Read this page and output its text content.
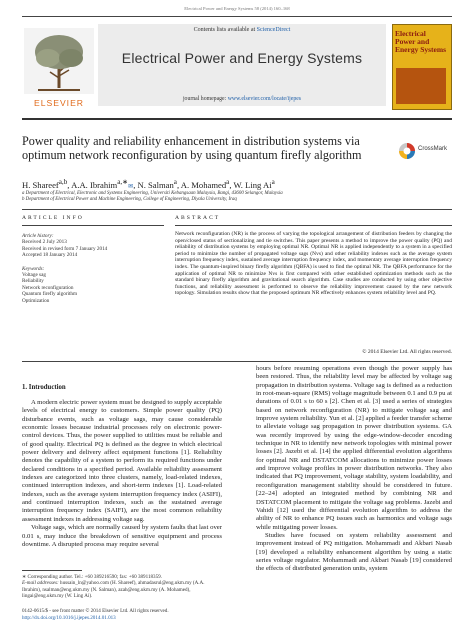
Electrical Power and Energy Systems 58 (2014) 160–168
Contents lists available at ScienceDirect
Electrical Power and Energy Systems
journal homepage: www.elsevier.com/locate/ijepes
ELSEVIER
Electrical Power and Energy Systems
Power quality and reliability enhancement in distribution systems via optimum network reconfiguration by using quantum firefly algorithm	CrossMark
H. Shareef$^{a,b}$, A.A. Ibrahim$^{a,∗}$✉, N. Salman$^a$, A. Mohamed$^a$, W. Ling Ai$^a$
a Department of Electrical, Electronic and Systems Engineering, Universiti Kebangsaan Malaysia, Bangi, 43600 Selangor, Malaysia
b Department of Electrical Power and Machine Engineering, College of Engineering, Diyala University, Iraq
ARTICLE INFO	ABSTRACT
Article history:
Received 2 July 2013
Received in revised form 7 January 2014
Accepted 18 January 2014
Keywords:
Voltage sag
Reliability
Network reconfiguration
Quantum firefly algorithm
Optimization
Network reconfiguration (NR) is the process of varying the topological arrangement of distribution feeders by changing the open/closed status of sectionalizing and tie switches. This paper presents a method to improve the power quality (PQ) and reliability of distribution systems by employing optimal NR. Optimal NR is applied independently to a system in a specified period to minimize the number of propagated voltage sags (Nvs) and other reliability indexes such as the average system interruption frequency index, sustained average interruption frequency index, and momentary average interruption frequency index. The quantum-inspired binary firefly algorithm (QBFA) is used to find the optimal NR. The QBFA performance for the application of optimal NR to minimize Nvs is first compared with other established optimization methods such as the standard binary firefly algorithm and gravitational search algorithm. Case studies are conducted by using other objective functions, and reliability assessment is performed to observe the reliability improvement caused by the new network topology. Simulation results show that the proposed optimum NR effectively enhances system reliability level and PQ.
© 2014 Elsevier Ltd. All rights reserved.
1. Introduction
A modern electric power system must be designed to supply acceptable levels of electrical energy to customers. Simple power quality (PQ) disturbance events, such as voltage sags, may cause considerable economic losses because industrial processes rely on electronic power-control devices. Thus, the power supplied to utilities must be reliable and of good quality. Electrical PQ is defined as the degree in which electrical power delivery and delivery affect equipment functions [1]. Reliability denotes the capability of a system to perform its required functions under declared conditions in a specified period. Available reliability assessment indexes are categorized into three clusters, namely, load-related indexes, continued interruption indexes, and short-term indexes [1]. Load-related indexes, such as the average system interruption frequency index (ASIFI), and continued interruption indexes, such as the sustained average interruption frequency index (SAIFI), are the most common reliability assessment indexes in addressing voltage sag.
Voltage sags, which are normally caused by system faults that last over 0.01 s, may induce the breakdown of sensitive equipment and process downtime. A disrupted process may require several
hours before resuming operations even though the power supply has been restored. Thus, the reliability level may be affected by voltage sag propagation in distribution systems. Voltage sag is defined as a reduction in root-mean-square (RMS) voltage magnitude between 0.1 and 0.9 pu at durations of 0.01 s to 60 s [2]. Chen et al. [3] used a series of strategies based on network reconfiguration (NR) to mitigate voltage sag and improve system reliability. Yun et al. [2] applied a feeder transfer scheme to alleviate voltage sag propagation in power distribution systems. GA was recently improved by using the edge-window-decoder encoding technique in NR to identify new network topologies with minimal power losses [2]. Jazebi et al. [14] the applied differential evolution algorithms for optimal NR and DSTATCOM allocations to minimize power losses and improve voltage profiles in power distribution networks. They also indicated that PQ improvement, voltage stability, system loadability, and reconfiguration management stability should be considered in future. [22–24] adopted an integrated method by combining NR and DSTATCOM placement to mitigate the voltage sag problems. Jazebi and Vahidi [12] used the differential evolution algorithm to address the ability of NR to enhance PQ issues such as harmonics and voltage sags while mitigating power losses.
Studies have focused on system reliability assessment and improvement instead of PQ mitigation. Mohammadi and Akbari Nasab [19] developed a reliability enhancement algorithm by using a static series voltage regulator. Mohammadi and Akbari Nasab [19] considered the effects of distributed generation units, system
∗ Corresponding author. Tel.: +60 389216590; fax: +60 389118359.
E-mail addresses: hussain_ln@yahoo.com (H. Shareef), ahmadasrul@eng.ukm.my (A.A. Ibrahim), nsalman@eng.ukm.my (N. Salman), azah@eng.ukm.my (A. Mohamed), lingai@eng.ukm.my (W. Ling Ai).
0142-0615/$ - see front matter © 2014 Elsevier Ltd. All rights reserved.
http://dx.doi.org/10.1016/j.ijepes.2014.01.013
